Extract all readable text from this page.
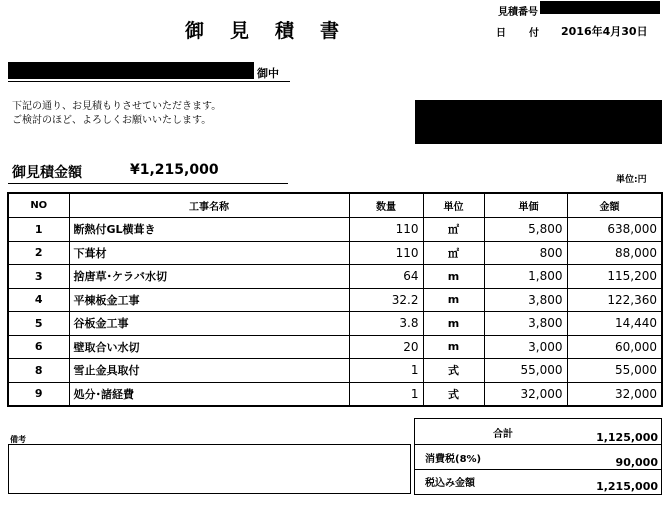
御見積書
見積番号
日 付 2016年4月30日
御中
下記の通り、お見積もりさせていただきます。
ご検討のほど、よろしくお願いいたします。
御見積金額	¥1,215,000
単位:円
NO	工事名称	数量	単位	単価	金額
1	断熱付GL横葺き	110	㎡	5,800	638,000
2	下葺材	110	㎡	800	88,000
3	捨唐草･ケラバ水切	64	m	1,800	115,200
4	平棟板金工事	32.2	m	3,800	122,360
5	谷板金工事	3.8	m	3,800	14,440
6	壁取合い水切	20	m	3,000	60,000
8	雪止金具取付	1	式	55,000	55,000
9	処分･諸経費	1	式	32,000	32,000
備考	合計	1,125,000
消費税(8%)	90,000
税込み金額	1,215,000
